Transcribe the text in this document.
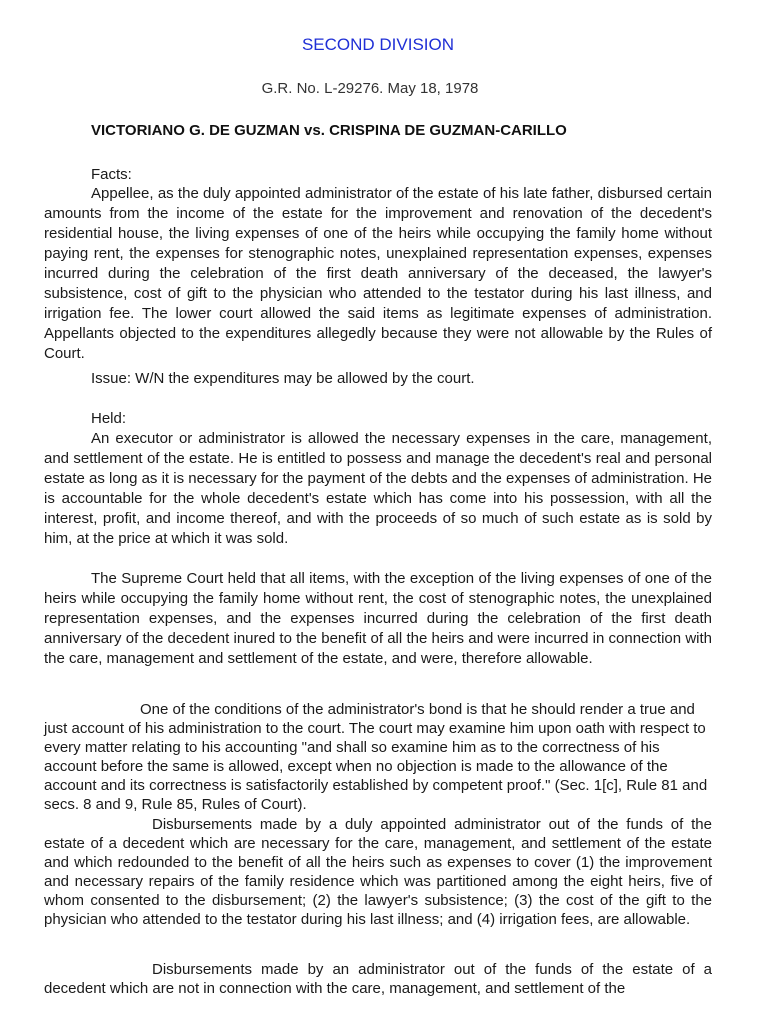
SECOND DIVISION
G.R. No. L-29276. May 18, 1978
VICTORIANO G. DE GUZMAN vs. CRISPINA DE GUZMAN-CARILLO
Facts:

Appellee, as the duly appointed administrator of the estate of his late father, disbursed certain amounts from the income of the estate for the improvement and renovation of the decedent's residential house, the living expenses of one of the heirs while occupying the family home without paying rent, the expenses for stenographic notes, unexplained representation expenses, expenses incurred during the celebration of the first death anniversary of the deceased, the lawyer's subsistence, cost of gift to the physician who attended to the testator during his last illness, and irrigation fee. The lower court allowed the said items as legitimate expenses of administration. Appellants objected to the expenditures allegedly because they were not allowable by the Rules of Court.

Issue: W/N the expenditures may be allowed by the court.
Held:

An executor or administrator is allowed the necessary expenses in the care, management, and settlement of the estate. He is entitled to possess and manage the decedent's real and personal estate as long as it is necessary for the payment of the debts and the expenses of administration. He is accountable for the whole decedent's estate which has come into his possession, with all the interest, profit, and income thereof, and with the proceeds of so much of such estate as is sold by him, at the price at which it was sold.

The Supreme Court held that all items, with the exception of the living expenses of one of the heirs while occupying the family home without rent, the cost of stenographic notes, the unexplained representation expenses, and the expenses incurred during the celebration of the first death anniversary of the decedent inured to the benefit of all the heirs and were incurred in connection with the care, management and settlement of the estate, and were, therefore allowable.

One of the conditions of the administrator's bond is that he should render a true and just account of his administration to the court. The court may examine him upon oath with respect to every matter relating to his accounting "and shall so examine him as to the correctness of his account before the same is allowed, except when no objection is made to the allowance of the account and its correctness is satisfactorily established by competent proof." (Sec. 1[c], Rule 81 and secs. 8 and 9, Rule 85, Rules of Court).

Disbursements made by a duly appointed administrator out of the funds of the estate of a decedent which are necessary for the care, management, and settlement of the estate and which redounded to the benefit of all the heirs such as expenses to cover (1) the improvement and necessary repairs of the family residence which was partitioned among the eight heirs, five of whom consented to the disbursement; (2) the lawyer's subsistence; (3) the cost of the gift to the physician who attended to the testator during his last illness; and (4) irrigation fees, are allowable.

Disbursements made by an administrator out of the funds of the estate of a decedent which are not in connection with the care, management, and settlement of the
